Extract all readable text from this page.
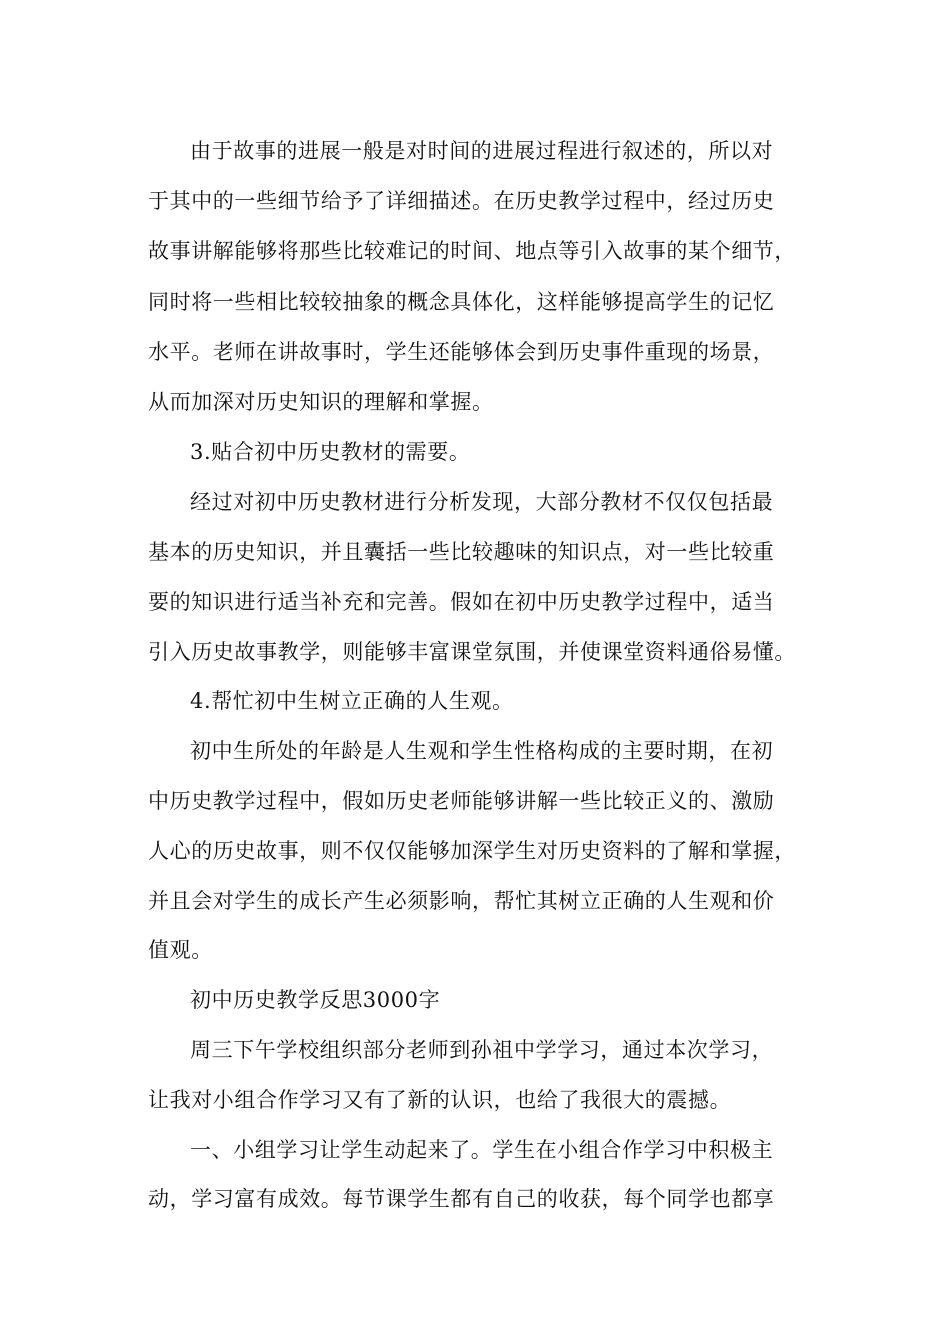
由于故事的进展一般是对时间的进展过程进行叙述的，所以对
于其中的一些细节给予了详细描述。在历史教学过程中，经过历史
故事讲解能够将那些比较难记的时间、地点等引入故事的某个细节，
同时将一些相比较较抽象的概念具体化，这样能够提高学生的记忆
水平。老师在讲故事时，学生还能够体会到历史事件重现的场景，
从而加深对历史知识的理解和掌握。
3.贴合初中历史教材的需要。
经过对初中历史教材进行分析发现，大部分教材不仅仅包括最
基本的历史知识，并且囊括一些比较趣味的知识点，对一些比较重
要的知识进行适当补充和完善。假如在初中历史教学过程中，适当
引入历史故事教学，则能够丰富课堂氛围，并使课堂资料通俗易懂。
4.帮忙初中生树立正确的人生观。
初中生所处的年龄是人生观和学生性格构成的主要时期，在初
中历史教学过程中，假如历史老师能够讲解一些比较正义的、激励
人心的历史故事，则不仅仅能够加深学生对历史资料的了解和掌握，
并且会对学生的成长产生必须影响，帮忙其树立正确的人生观和价
值观。
初中历史教学反思3000字
周三下午学校组织部分老师到孙祖中学学习，通过本次学习，
让我对小组合作学习又有了新的认识，也给了我很大的震撼。
一、小组学习让学生动起来了。学生在小组合作学习中积极主
动，学习富有成效。每节课学生都有自己的收获，每个同学也都享
